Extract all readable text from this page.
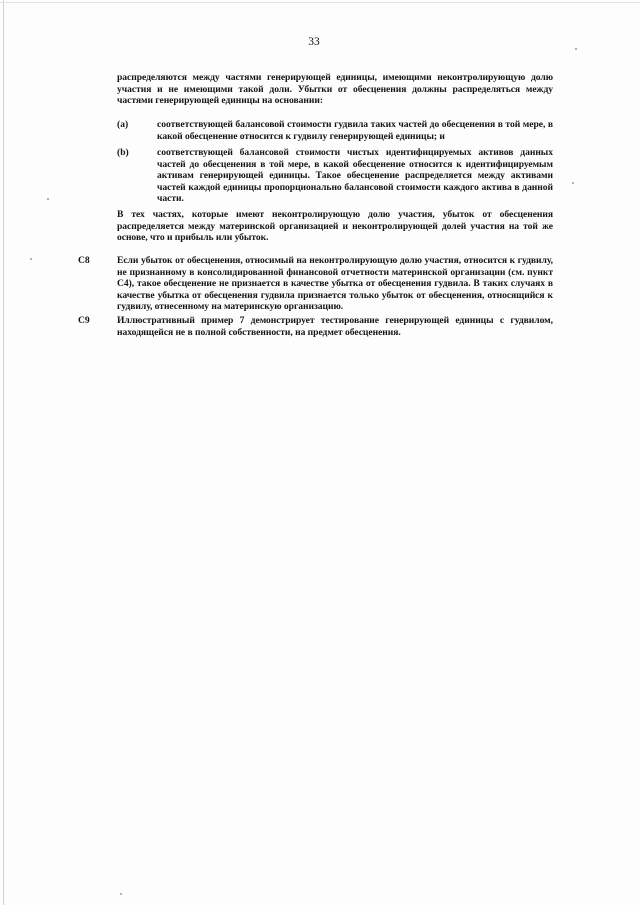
33
распределяются между частями генерирующей единицы, имеющими неконтролирующую долю участия и не имеющими такой доли. Убытки от обесценения должны распределяться между частями генерирующей единицы на основании:
(a)	соответствующей балансовой стоимости гудвила таких частей до обесценения в той мере, в какой обесценение относится к гудвилу генерирующей единицы; и
(b)	соответствующей балансовой стоимости чистых идентифицируемых активов данных частей до обесценения в той мере, в какой обесценение относится к идентифицируемым активам генерирующей единицы. Такое обесценение распределяется между активами частей каждой единицы пропорционально балансовой стоимости каждого актива в данной части.
В тех частях, которые имеют неконтролирующую долю участия, убыток от обесценения распределяется между материнской организацией и неконтролирующей долей участия на той же основе, что и прибыль или убыток.
C8	Если убыток от обесценения, относимый на неконтролирующую долю участия, относится к гудвилу, не признанному в консолидированной финансовой отчетности материнской организации (см. пункт C4), такое обесценение не признается в качестве убытка от обесценения гудвила. В таких случаях в качестве убытка от обесценения гудвила признается только убыток от обесценения, относящийся к гудвилу, отнесенному на материнскую организацию.
C9	Иллюстративный пример 7 демонстрирует тестирование генерирующей единицы с гудвилом, находящейся не в полной собственности, на предмет обесценения.
